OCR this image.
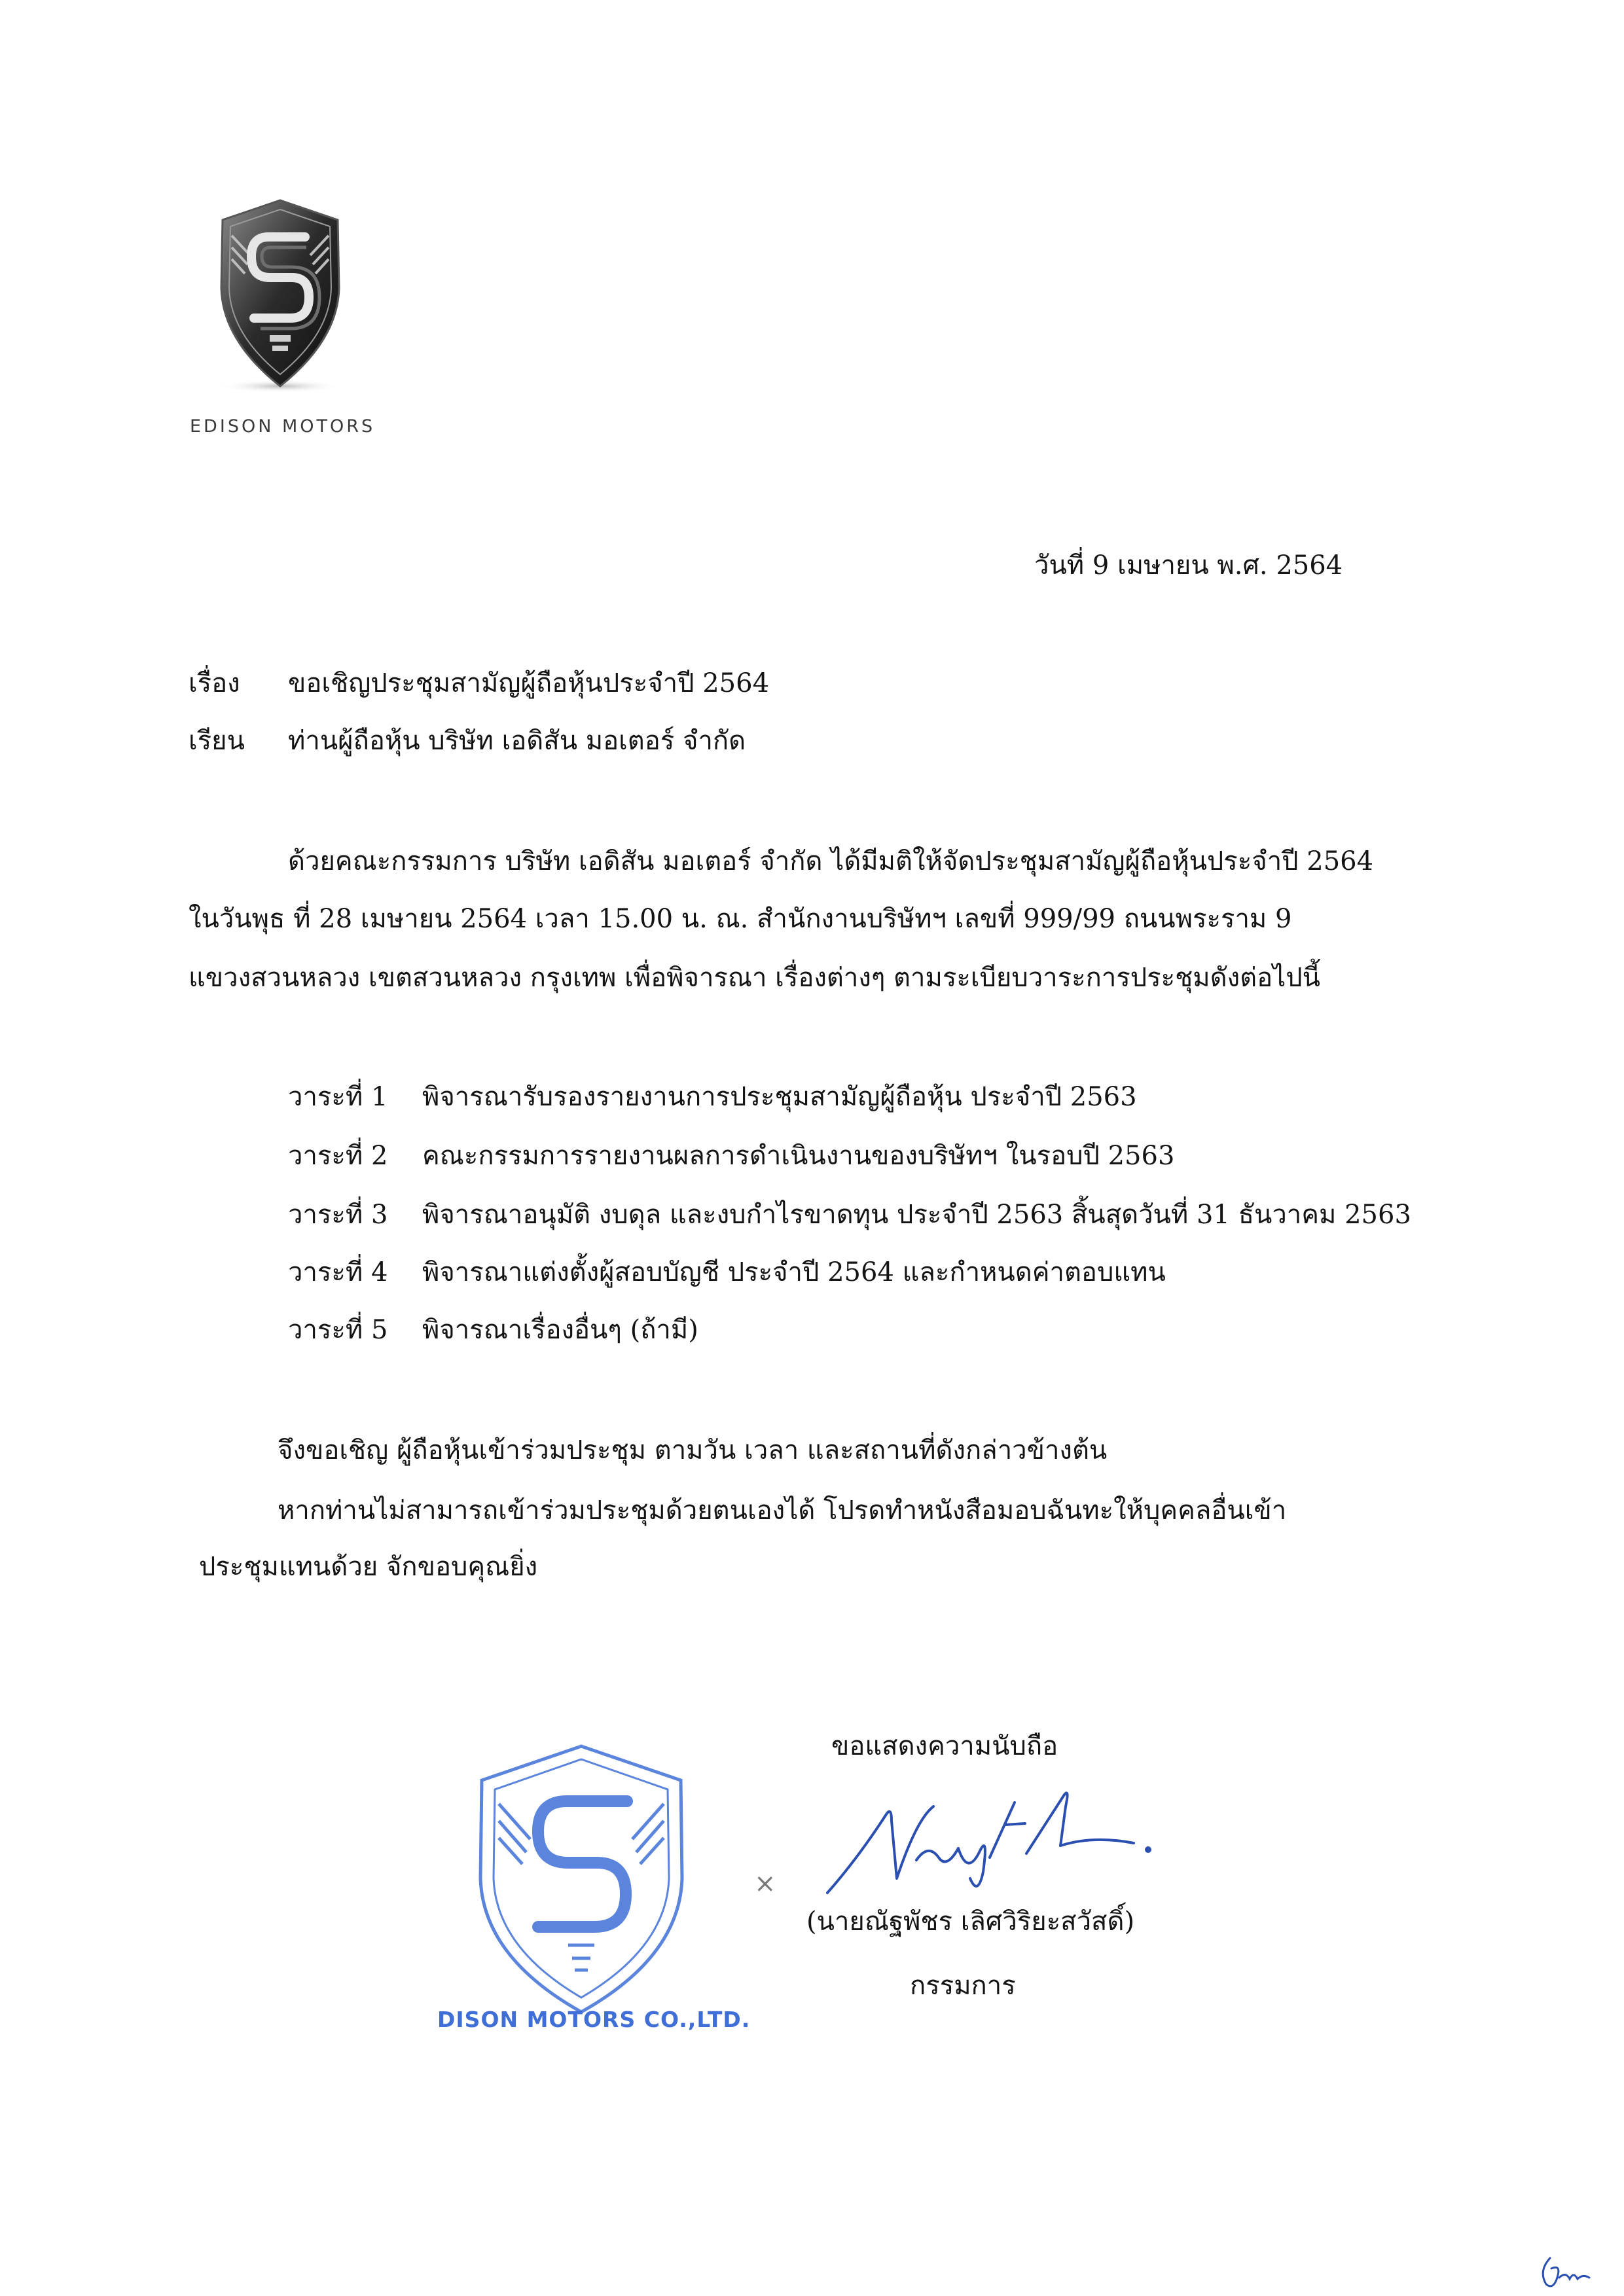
EDISON MOTORS
วันที่ 9 เมษายน พ.ศ. 2564
เรื่อง ขอเชิญประชุมสามัญผู้ถือหุ้นประจำปี 2564
เรียน ท่านผู้ถือหุ้น บริษัท เอดิสัน มอเตอร์ จำกัด
ด้วยคณะกรรมการ บริษัท เอดิสัน มอเตอร์ จำกัด ได้มีมติให้จัดประชุมสามัญผู้ถือหุ้นประจำปี 2564
ในวันพุธ ที่ 28 เมษายน 2564 เวลา 15.00 น. ณ. สำนักงานบริษัทฯ เลขที่ 999/99 ถนนพระราม 9
แขวงสวนหลวง เขตสวนหลวง กรุงเทพ เพื่อพิจารณา เรื่องต่างๆ ตามระเบียบวาระการประชุมดังต่อไปนี้
วาระที่ 1 พิจารณารับรองรายงานการประชุมสามัญผู้ถือหุ้น ประจำปี 2563
วาระที่ 2 คณะกรรมการรายงานผลการดำเนินงานของบริษัทฯ ในรอบปี 2563
วาระที่ 3 พิจารณาอนุมัติ งบดุล และงบกำไรขาดทุน ประจำปี 2563 สิ้นสุดวันที่ 31 ธันวาคม 2563
วาระที่ 4 พิจารณาแต่งตั้งผู้สอบบัญชี ประจำปี 2564 และกำหนดค่าตอบแทน
วาระที่ 5 พิจารณาเรื่องอื่นๆ (ถ้ามี)
จึงขอเชิญ ผู้ถือหุ้นเข้าร่วมประชุม ตามวัน เวลา และสถานที่ดังกล่าวข้างต้น
หากท่านไม่สามารถเข้าร่วมประชุมด้วยตนเองได้ โปรดทำหนังสือมอบฉันทะให้บุคคลอื่นเข้า
ประชุมแทนด้วย จักขอบคุณยิ่ง
ขอแสดงความนับถือ
DISON MOTORS CO.,LTD.
×
(นายณัฐพัชร เลิศวิริยะสวัสดิ์)
กรรมการ
